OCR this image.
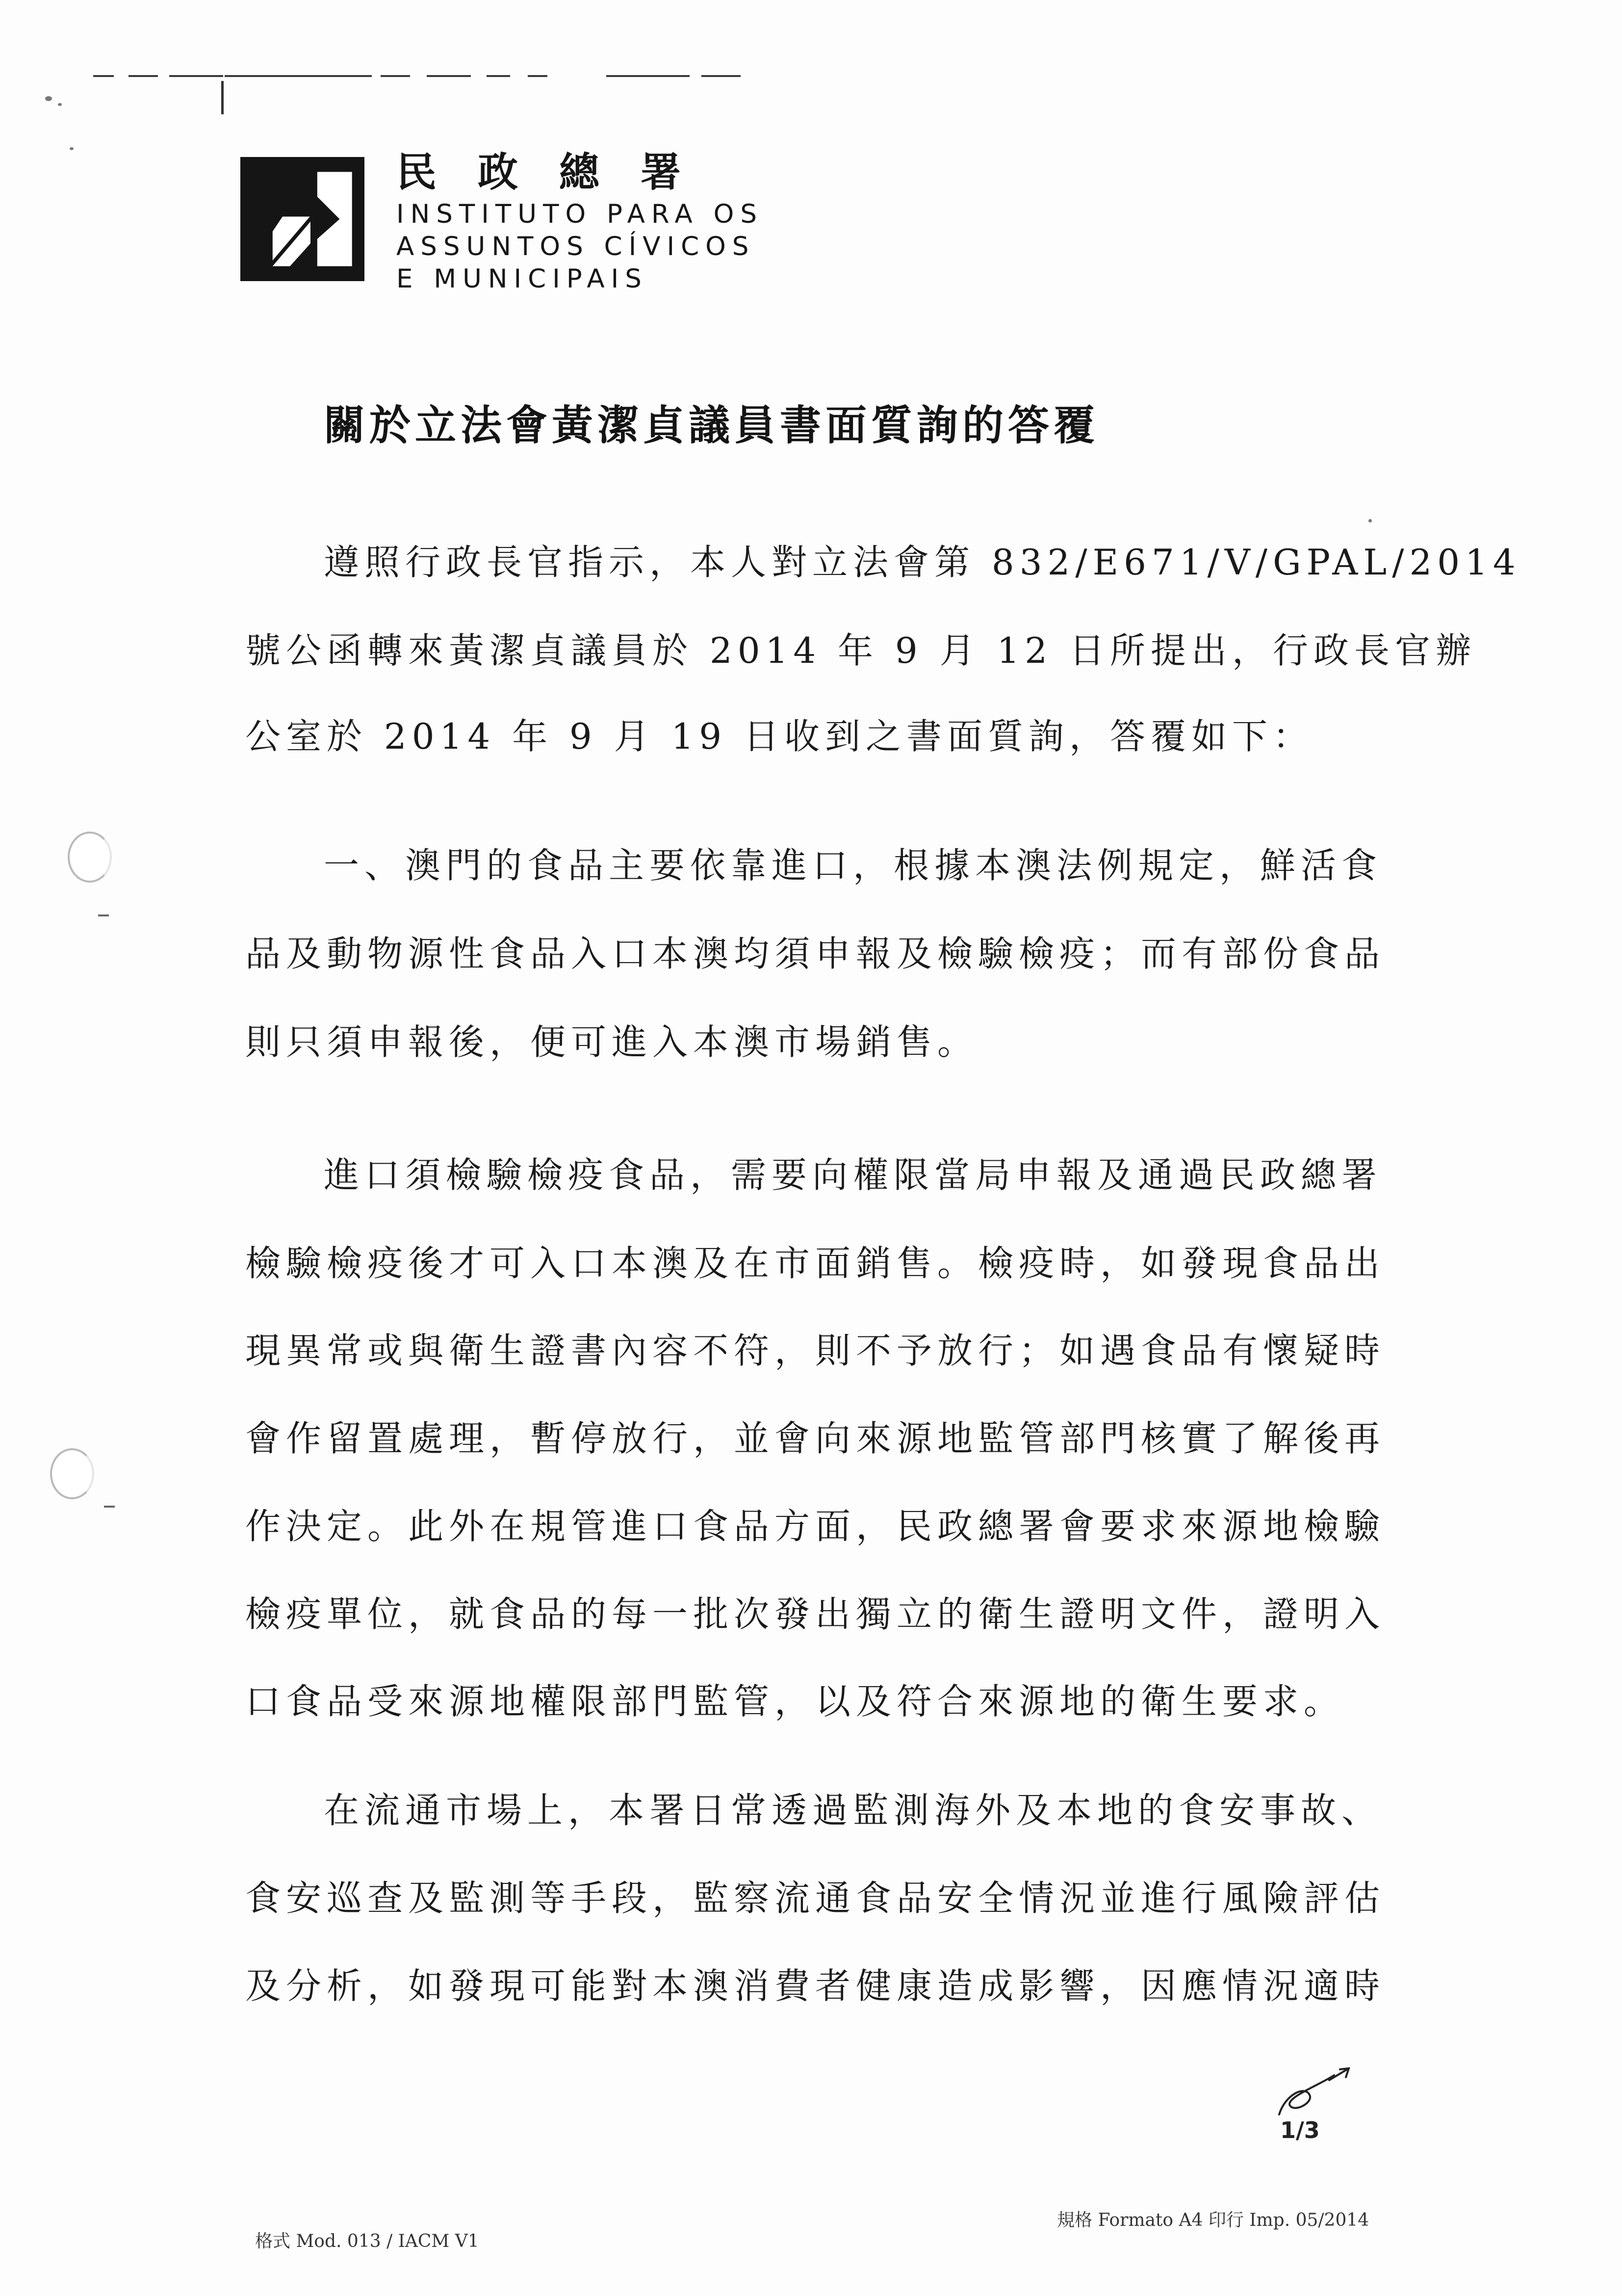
民政總署
INSTITUTO PARA OS
ASSUNTOS CÍVICOS
E MUNICIPAIS
關於立法會黃潔貞議員書面質詢的答覆
遵照行政長官指示，本人對立法會第 832/E671/V/GPAL/2014
號公函轉來黃潔貞議員於 2014 年 9 月 12 日所提出，行政長官辦
公室於 2014 年 9 月 19 日收到之書面質詢，答覆如下：
一、澳門的食品主要依靠進口，根據本澳法例規定，鮮活食
品及動物源性食品入口本澳均須申報及檢驗檢疫；而有部份食品
則只須申報後，便可進入本澳市場銷售。
進口須檢驗檢疫食品，需要向權限當局申報及通過民政總署
檢驗檢疫後才可入口本澳及在市面銷售。檢疫時，如發現食品出
現異常或與衛生證書內容不符，則不予放行；如遇食品有懷疑時
會作留置處理，暫停放行，並會向來源地監管部門核實了解後再
作決定。此外在規管進口食品方面，民政總署會要求來源地檢驗
檢疫單位，就食品的每一批次發出獨立的衛生證明文件，證明入
口食品受來源地權限部門監管，以及符合來源地的衛生要求。
在流通市場上，本署日常透過監測海外及本地的食安事故、
食安巡查及監測等手段，監察流通食品安全情況並進行風險評估
及分析，如發現可能對本澳消費者健康造成影響，因應情況適時
1/3
格式 Mod. 013 / IACM V1
規格 Formato A4 印行 Imp. 05/2014
